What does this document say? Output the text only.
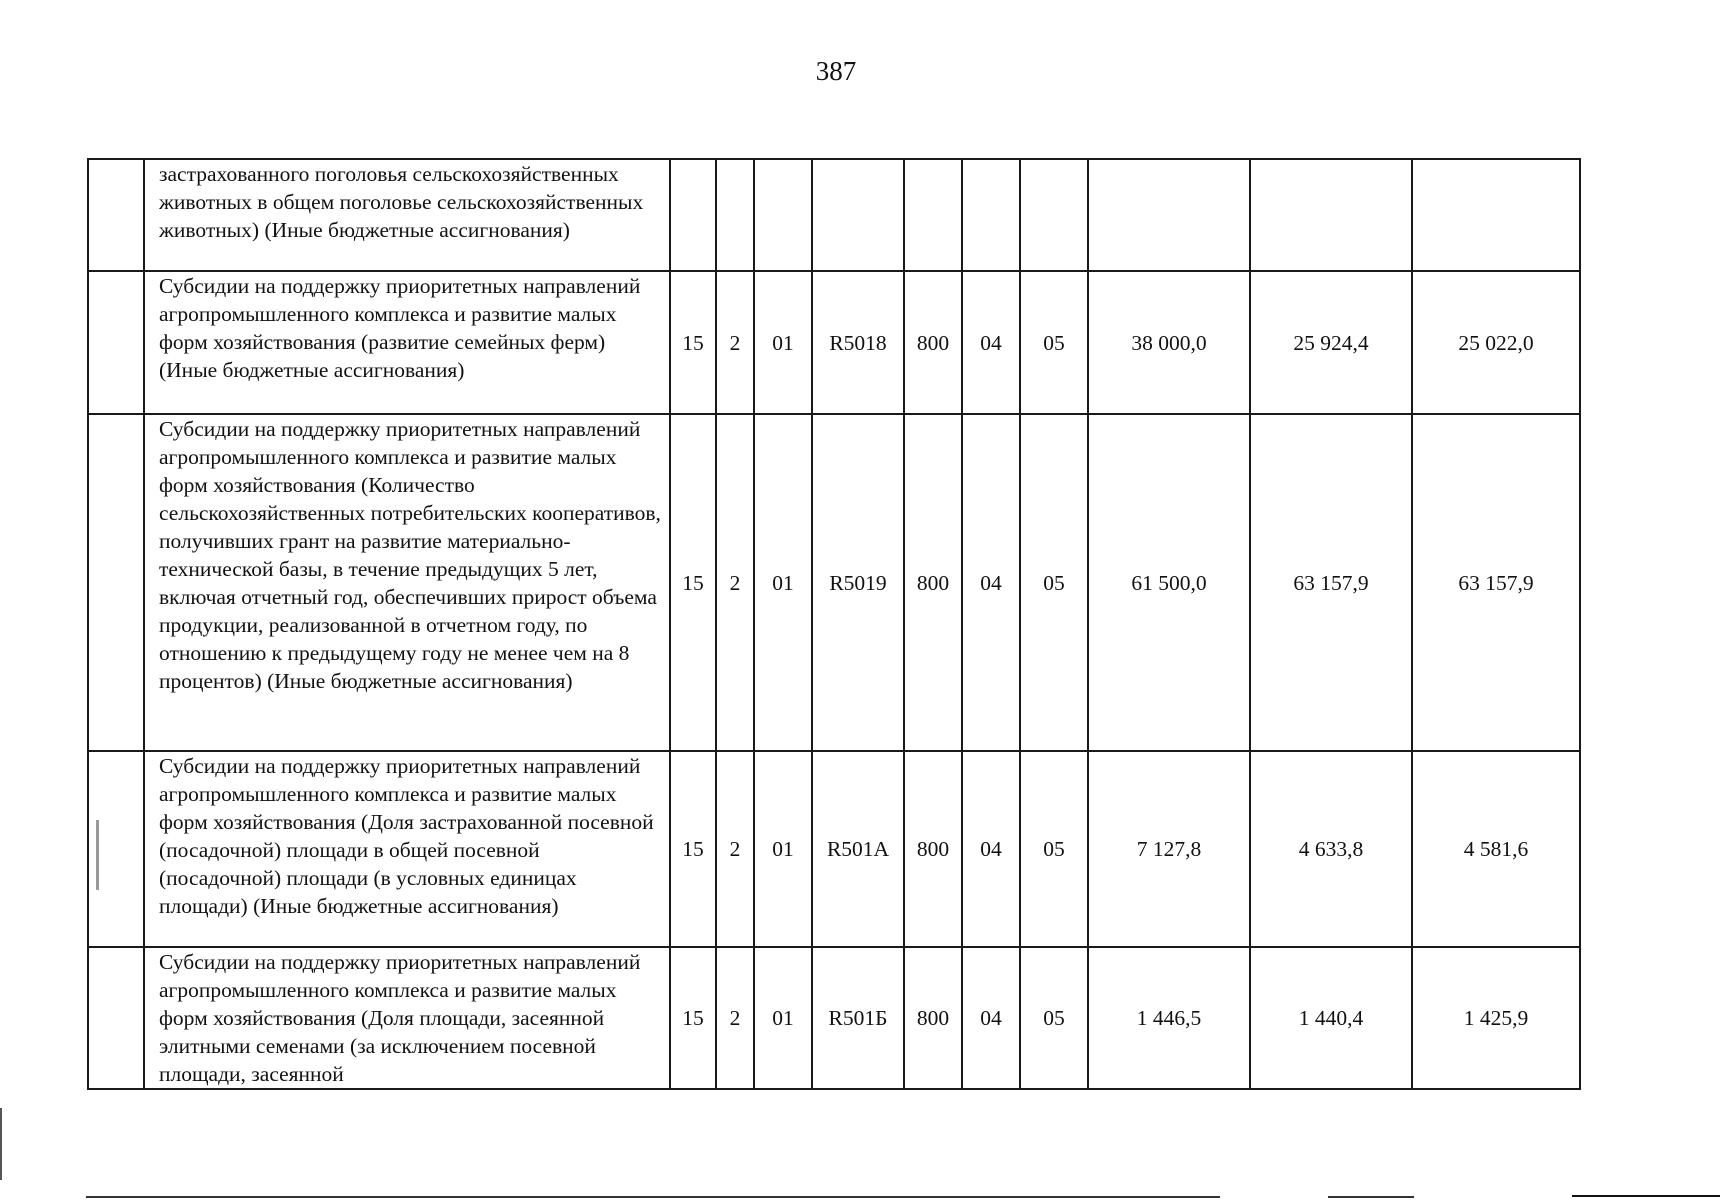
387
	застрахованного поголовья сельскохозяйственных животных в общем поголовье сельскохозяйственных животных) (Иные бюджетные ассигнования)										
	Субсидии на поддержку приоритетных направлений агропромышленного комплекса и развитие малых форм хозяйствования (развитие семейных ферм) (Иные бюджетные ассигнования)	15	2	01	R5018	800	04	05	38 000,0	25 924,4	25 022,0
	Субсидии на поддержку приоритетных направлений агропромышленного комплекса и развитие малых форм хозяйствования (Количество сельскохозяйственных потребительских кооперативов, получивших грант на развитие материально-технической базы, в течение предыдущих 5 лет, включая отчетный год, обеспечивших прирост объема продукции, реализованной в отчетном году, по отношению к предыдущему году не менее чем на 8 процентов) (Иные бюджетные ассигнования)	15	2	01	R5019	800	04	05	61 500,0	63 157,9	63 157,9
	Субсидии на поддержку приоритетных направлений агропромышленного комплекса и развитие малых форм хозяйствования (Доля застрахованной посевной (посадочной) площади в общей посевной (посадочной) площади (в условных единицах площади) (Иные бюджетные ассигнования)	15	2	01	R501А	800	04	05	7 127,8	4 633,8	4 581,6
	Субсидии на поддержку приоритетных направлений агропромышленного комплекса и развитие малых форм хозяйствования (Доля площади, засеянной элитными семенами (за исключением посевной площади, засеянной	15	2	01	R501Б	800	04	05	1 446,5	1 440,4	1 425,9
